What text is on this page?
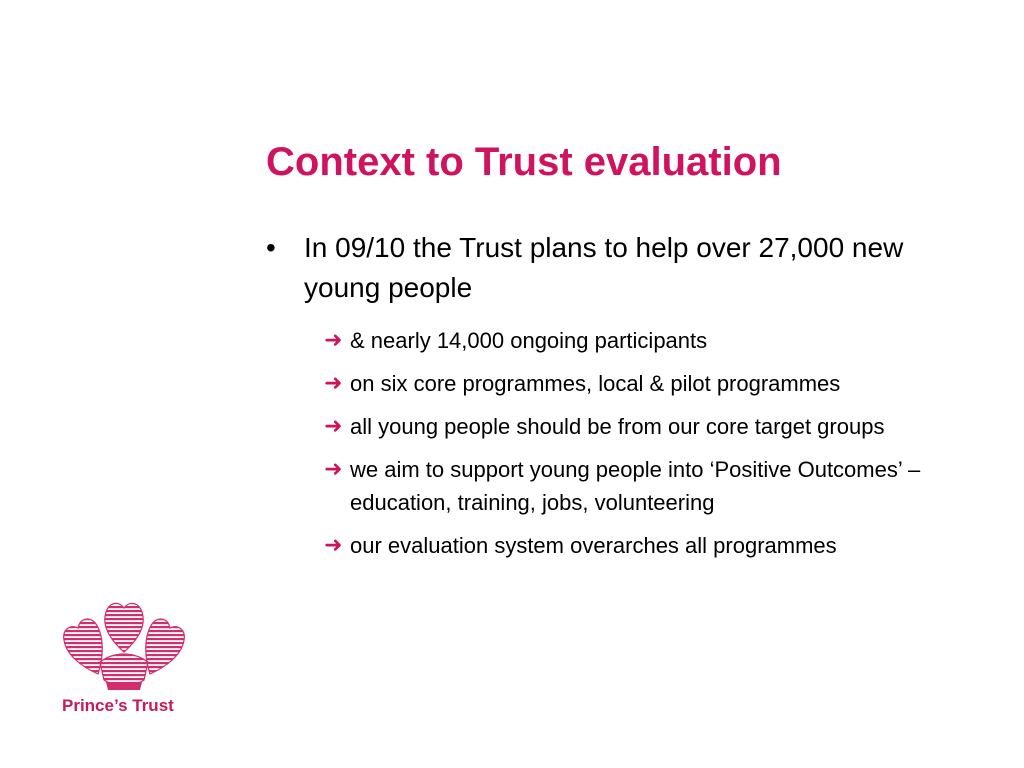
Context to Trust evaluation
• In 09/10 the Trust plans to help over 27,000 new young people
➜ & nearly 14,000 ongoing participants
➜ on six core programmes, local & pilot programmes
➜ all young people should be from our core target groups
➜ we aim to support young people into ‘Positive Outcomes’ – education, training, jobs, volunteering
➜ our evaluation system overarches all programmes
Prince’s Trust
